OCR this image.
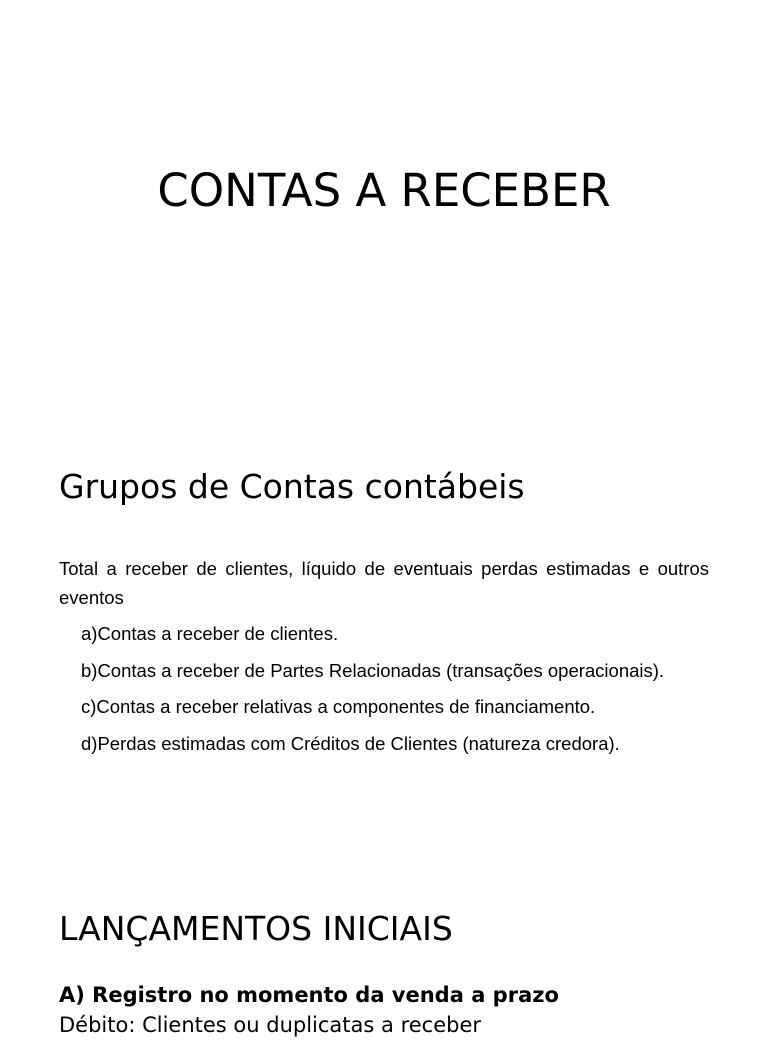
CONTAS A RECEBER
Grupos de Contas contábeis

Total a receber de clientes, líquido de eventuais perdas estimadas e outros eventos

a)Contas a receber de clientes.
b)Contas a receber de Partes Relacionadas (transações operacionais).
c)Contas a receber relativas a componentes de financiamento.
d)Perdas estimadas com Créditos de Clientes (natureza credora).
LANÇAMENTOS INICIAIS
A) Registro no momento da venda a prazo
Débito: Clientes ou duplicatas a receber
